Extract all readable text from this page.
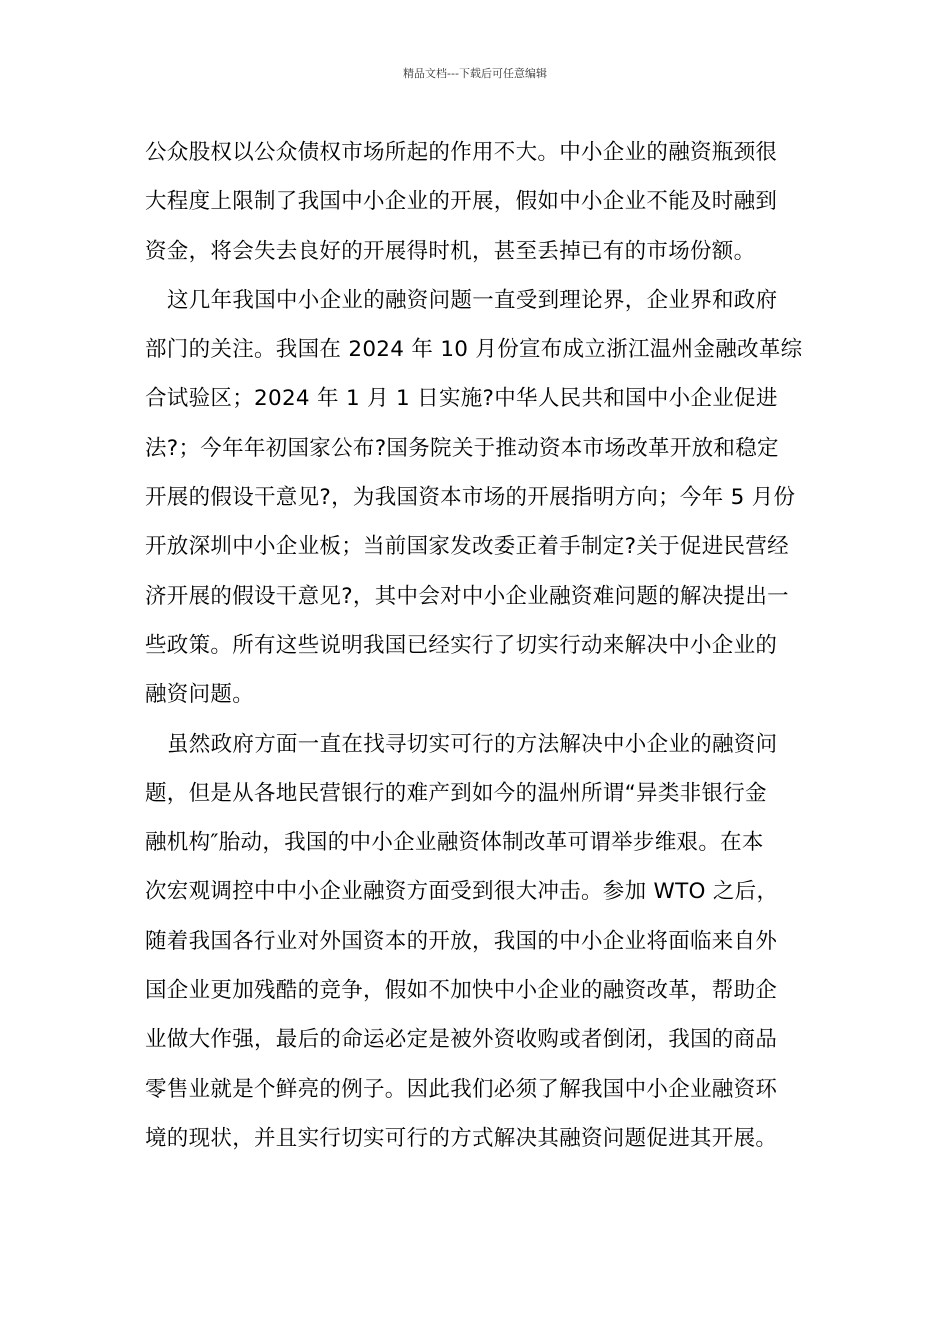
精品文档---下载后可任意编辑

公众股权以公众债权市场所起的作用不大。中小企业的融资瓶颈很
大程度上限制了我国中小企业的开展，假如中小企业不能及时融到
资金，将会失去良好的开展得时机，甚至丢掉已有的市场份额。

这几年我国中小企业的融资问题一直受到理论界，企业界和政府
部门的关注。我国在 2024 年 10 月份宣布成立浙江温州金融改革综
合试验区；2024 年 1 月 1 日实施?中华人民共和国中小企业促进
法?；今年年初国家公布?国务院关于推动资本市场改革开放和稳定
开展的假设干意见?，为我国资本市场的开展指明方向；今年 5 月份
开放深圳中小企业板；当前国家发改委正着手制定?关于促进民营经
济开展的假设干意见?，其中会对中小企业融资难问题的解决提出一
些政策。所有这些说明我国已经实行了切实行动来解决中小企业的
融资问题。

虽然政府方面一直在找寻切实可行的方法解决中小企业的融资问
题，但是从各地民营银行的难产到如今的温州所谓“异类非银行金
融机构″胎动，我国的中小企业融资体制改革可谓举步维艰。在本
次宏观调控中中小企业融资方面受到很大冲击。参加 WTO 之后，
随着我国各行业对外国资本的开放，我国的中小企业将面临来自外
国企业更加残酷的竞争，假如不加快中小企业的融资改革，帮助企
业做大作强，最后的命运必定是被外资收购或者倒闭，我国的商品
零售业就是个鲜亮的例子。因此我们必须了解我国中小企业融资环
境的现状，并且实行切实可行的方式解决其融资问题促进其开展。
